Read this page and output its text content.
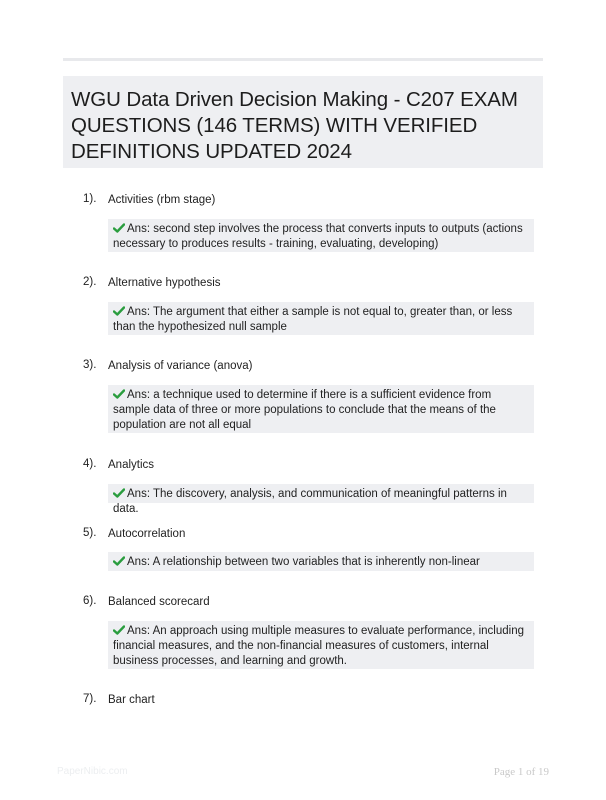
WGU Data Driven Decision Making - C207 EXAM QUESTIONS (146 TERMS) WITH VERIFIED DEFINITIONS UPDATED 2024
1). Activities (rbm stage)
Ans: second step involves the process that converts inputs to outputs (actions necessary to produces results - training, evaluating, developing)
2). Alternative hypothesis
Ans: The argument that either a sample is not equal to, greater than, or less than the hypothesized null sample
3). Analysis of variance (anova)
Ans: a technique used to determine if there is a sufficient evidence from sample data of three or more populations to conclude that the means of the population are not all equal
4). Analytics
Ans: The discovery, analysis, and communication of meaningful patterns in data.
5). Autocorrelation
Ans: A relationship between two variables that is inherently non-linear
6). Balanced scorecard
Ans: An approach using multiple measures to evaluate performance, including financial measures, and the non-financial measures of customers, internal business processes, and learning and growth.
7). Bar chart
PaperNibic.com	Page 1 of 19
